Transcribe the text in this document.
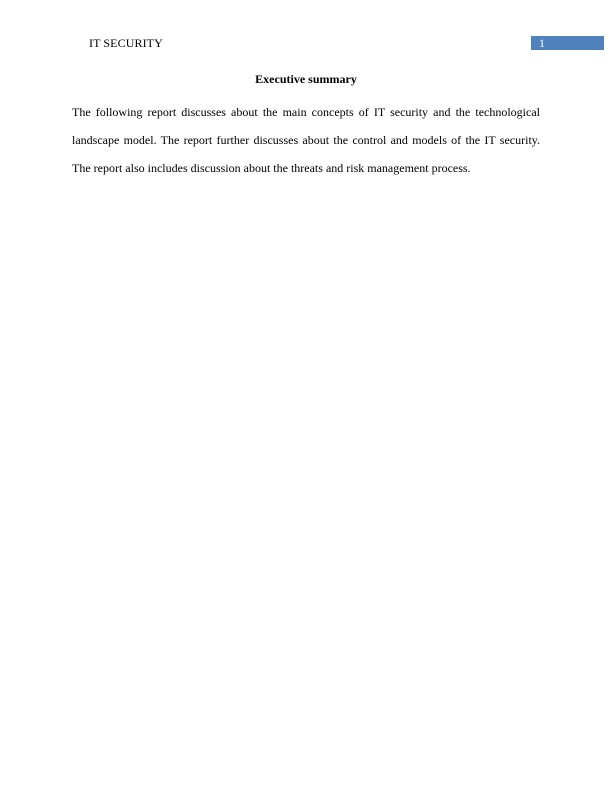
IT SECURITY	1
Executive summary

The following report discusses about the main concepts of IT security and the technological landscape model. The report further discusses about the control and models of the IT security. The report also includes discussion about the threats and risk management process.
